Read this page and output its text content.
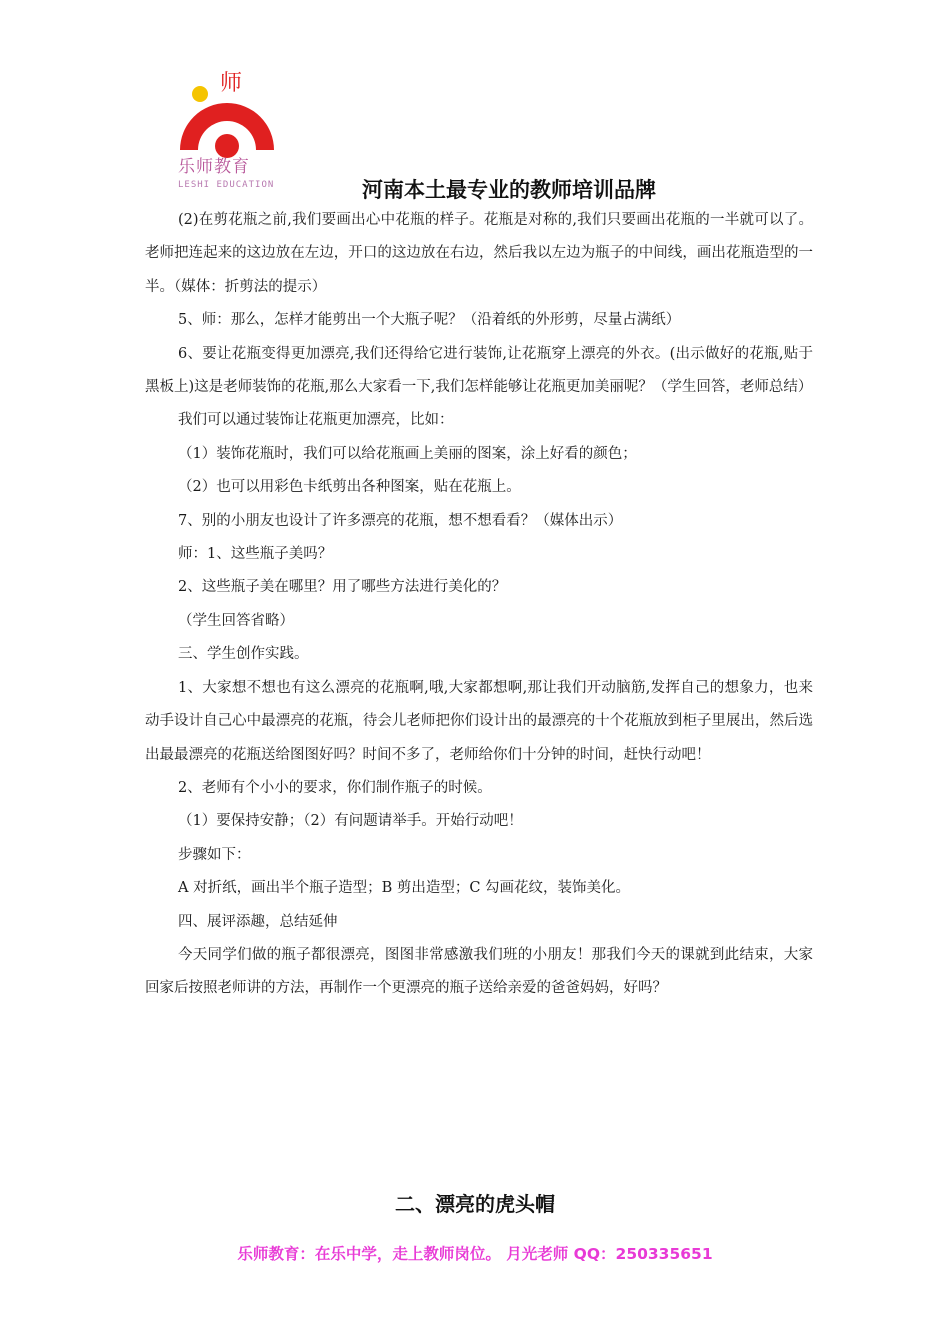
师
乐师教育
LESHI EDUCATION	河南本土最专业的教师培训品牌

(2)在剪花瓶之前,我们要画出心中花瓶的样子。花瓶是对称的,我们只要画出花瓶的一半就可以了。老师把连起来的这边放在左边，开口的这边放在右边，然后我以左边为瓶子的中间线，画出花瓶造型的一半。（媒体：折剪法的提示）

5、师：那么，怎样才能剪出一个大瓶子呢？（沿着纸的外形剪，尽量占满纸）

6、要让花瓶变得更加漂亮,我们还得给它进行装饰,让花瓶穿上漂亮的外衣。(出示做好的花瓶,贴于黑板上)这是老师装饰的花瓶,那么大家看一下,我们怎样能够让花瓶更加美丽呢？（学生回答，老师总结）

我们可以通过装饰让花瓶更加漂亮，比如：

（1）装饰花瓶时，我们可以给花瓶画上美丽的图案，涂上好看的颜色；

（2）也可以用彩色卡纸剪出各种图案，贴在花瓶上。

7、别的小朋友也设计了许多漂亮的花瓶，想不想看看？（媒体出示）

师：1、这些瓶子美吗？

2、这些瓶子美在哪里？用了哪些方法进行美化的？

（学生回答省略）

三、学生创作实践。

1、大家想不想也有这么漂亮的花瓶啊,哦,大家都想啊,那让我们开动脑筋,发挥自己的想象力，也来动手设计自己心中最漂亮的花瓶，待会儿老师把你们设计出的最漂亮的十个花瓶放到柜子里展出，然后选出最最漂亮的花瓶送给图图好吗？时间不多了，老师给你们十分钟的时间，赶快行动吧！

2、老师有个小小的要求，你们制作瓶子的时候。

（1）要保持安静；（2）有问题请举手。开始行动吧！

步骤如下：

A 对折纸，画出半个瓶子造型；B 剪出造型；C 勾画花纹，装饰美化。

四、展评添趣，总结延伸

今天同学们做的瓶子都很漂亮，图图非常感激我们班的小朋友！那我们今天的课就到此结束，大家回家后按照老师讲的方法，再制作一个更漂亮的瓶子送给亲爱的爸爸妈妈，好吗？

二、漂亮的虎头帽
乐师教育：在乐中学，走上教师岗位。 月光老师 QQ：250335651
